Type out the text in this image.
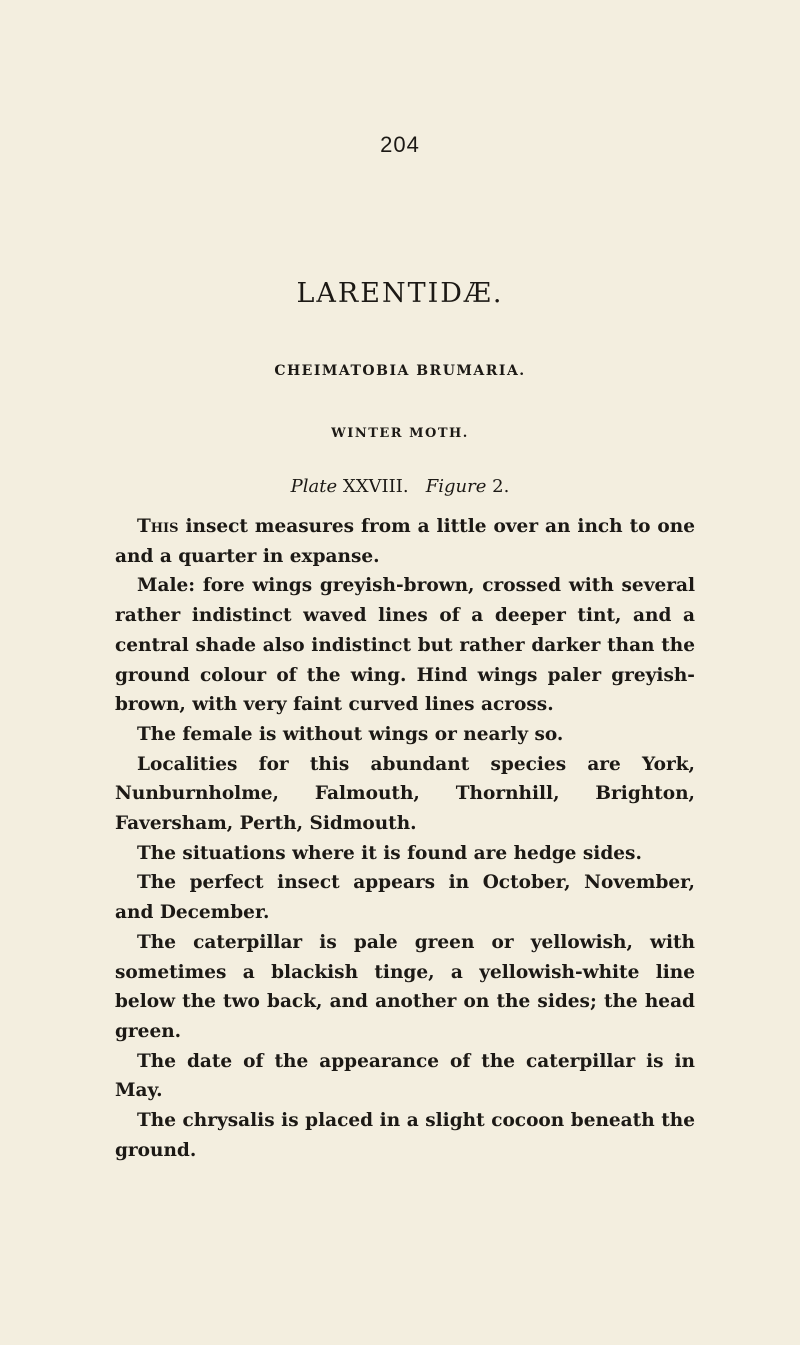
204
LARENTIDÆ.
CHEIMATOBIA BRUMARIA.
WINTER MOTH.
Plate XXVIII. Figure 2.

This insect measures from a little over an inch to one and a quarter in expanse.

Male: fore wings greyish-brown, crossed with several rather indistinct waved lines of a deeper tint, and a central shade also indistinct but rather darker than the ground colour of the wing. Hind wings paler greyish-brown, with very faint curved lines across.

The female is without wings or nearly so.

Localities for this abundant species are York, Nunburnholme, Falmouth, Thornhill, Brighton, Faversham, Perth, Sidmouth.

The situations where it is found are hedge sides.

The perfect insect appears in October, November, and December.

The caterpillar is pale green or yellowish, with sometimes a blackish tinge, a yellowish-white line below the two back, and another on the sides; the head green.

The date of the appearance of the caterpillar is in May.

The chrysalis is placed in a slight cocoon beneath the ground.
